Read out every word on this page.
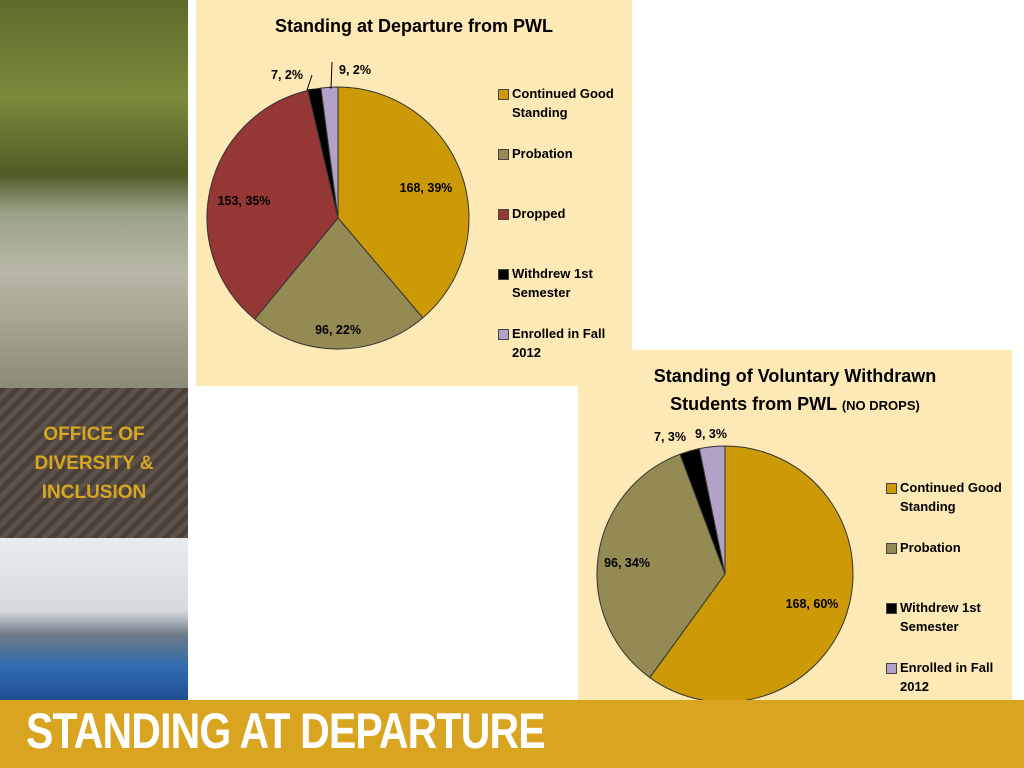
OFFICE OF
DIVERSITY &
INCLUSION
Standing at Departure from PWL
168, 39%
96, 22%
153, 35%
7, 2%	9, 2%
Continued Good
Standing
Probation
Dropped
Withdrew 1st
Semester
Enrolled in Fall
2012
Standing of Voluntary Withdrawn
Students from PWL (NO DROPS)
168, 60%
96, 34%
7, 3% 9, 3%
Continued Good
Standing
Probation
Withdrew 1st
Semester
Enrolled in Fall
2012
STANDING AT DEPARTURE
